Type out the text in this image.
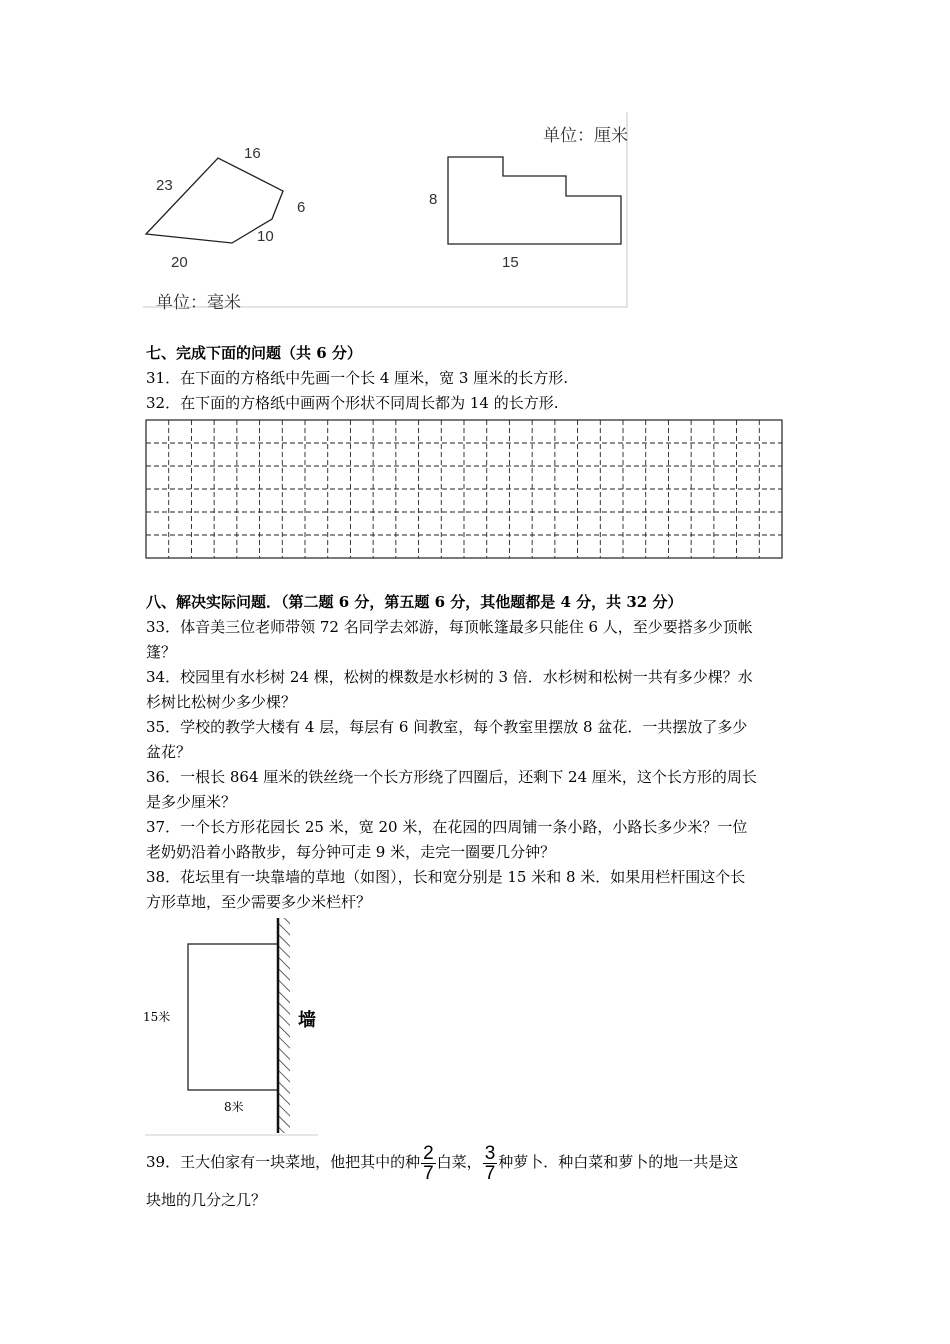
单位：厘米
单位：毫米
16
23
6
10
20
8
15
七、完成下面的问题（共 6 分）
31．在下面的方格纸中先画一个长 4 厘米，宽 3 厘米的长方形.
32．在下面的方格纸中画两个形状不同周长都为 14 的长方形.
八、解决实际问题．（第二题 6 分，第五题 6 分，其他题都是 4 分，共 32 分）
33．体音美三位老师带领 72 名同学去郊游，每顶帐篷最多只能住 6 人，至少要搭多少顶帐
篷？
34．校园里有水杉树 24 棵，松树的棵数是水杉树的 3 倍．水杉树和松树一共有多少棵？水
杉树比松树少多少棵？
35．学校的教学大楼有 4 层，每层有 6 间教室，每个教室里摆放 8 盆花．一共摆放了多少
盆花？
36．一根长 864 厘米的铁丝绕一个长方形绕了四圈后，还剩下 24 厘米，这个长方形的周长
是多少厘米？
37．一个长方形花园长 25 米，宽 20 米，在花园的四周铺一条小路，小路长多少米？一位
老奶奶沿着小路散步，每分钟可走 9 米，走完一圈要几分钟？
38．花坛里有一块靠墙的草地（如图），长和宽分别是 15 米和 8 米．如果用栏杆围这个长
方形草地，至少需要多少米栏杆？
15米
8米
墙
39．王大伯家有一块菜地，他把其中的种 $\frac{2}{7}$ 白菜， $\frac{3}{7}$ 种萝卜．种白菜和萝卜的地一共是这
块地的几分之几？
